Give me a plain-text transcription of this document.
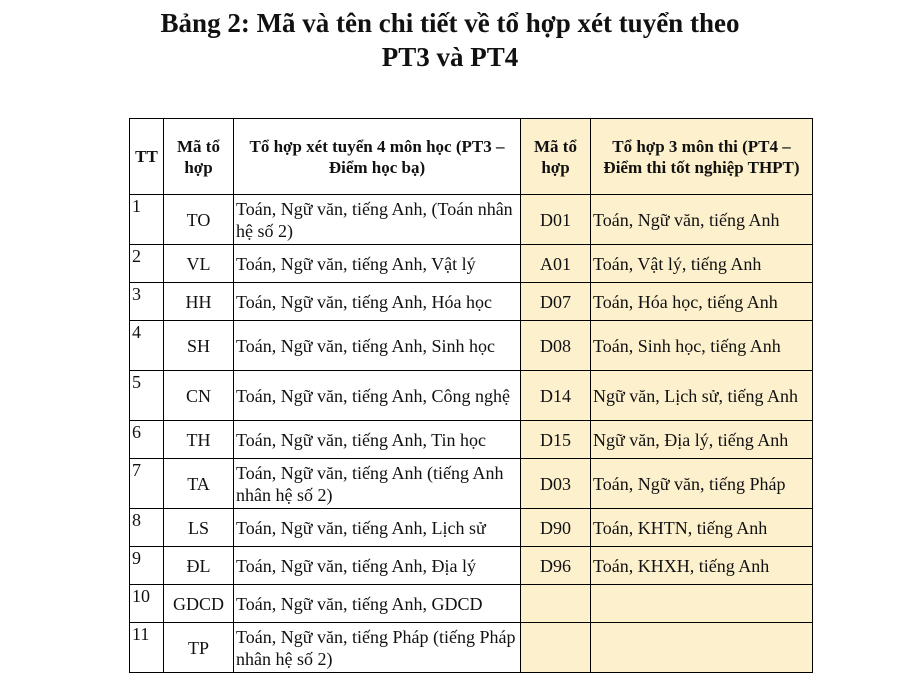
Bảng 2: Mã và tên chi tiết về tổ hợp xét tuyển theo
PT3 và PT4
TT	Mã tổ hợp	Tổ hợp xét tuyển 4 môn học (PT3 – Điểm học bạ)	Mã tổ hợp	Tổ hợp 3 môn thi (PT4 – Điểm thi tốt nghiệp THPT)
1	TO	Toán, Ngữ văn, tiếng Anh, (Toán nhân hệ số 2)	D01	Toán, Ngữ văn, tiếng Anh
2	VL	Toán, Ngữ văn, tiếng Anh, Vật lý	A01	Toán, Vật lý, tiếng Anh
3	HH	Toán, Ngữ văn, tiếng Anh, Hóa học	D07	Toán, Hóa học, tiếng Anh
4	SH	Toán, Ngữ văn, tiếng Anh, Sinh học	D08	Toán, Sinh học, tiếng Anh
5	CN	Toán, Ngữ văn, tiếng Anh, Công nghệ	D14	Ngữ văn, Lịch sử, tiếng Anh
6	TH	Toán, Ngữ văn, tiếng Anh, Tin học	D15	Ngữ văn, Địa lý, tiếng Anh
7	TA	Toán, Ngữ văn, tiếng Anh (tiếng Anh nhân hệ số 2)	D03	Toán, Ngữ văn, tiếng Pháp
8	LS	Toán, Ngữ văn, tiếng Anh, Lịch sử	D90	Toán, KHTN, tiếng Anh
9	ĐL	Toán, Ngữ văn, tiếng Anh, Địa lý	D96	Toán, KHXH, tiếng Anh
10	GDCD	Toán, Ngữ văn, tiếng Anh, GDCD		
11	TP	Toán, Ngữ văn, tiếng Pháp (tiếng Pháp nhân hệ số 2)		
